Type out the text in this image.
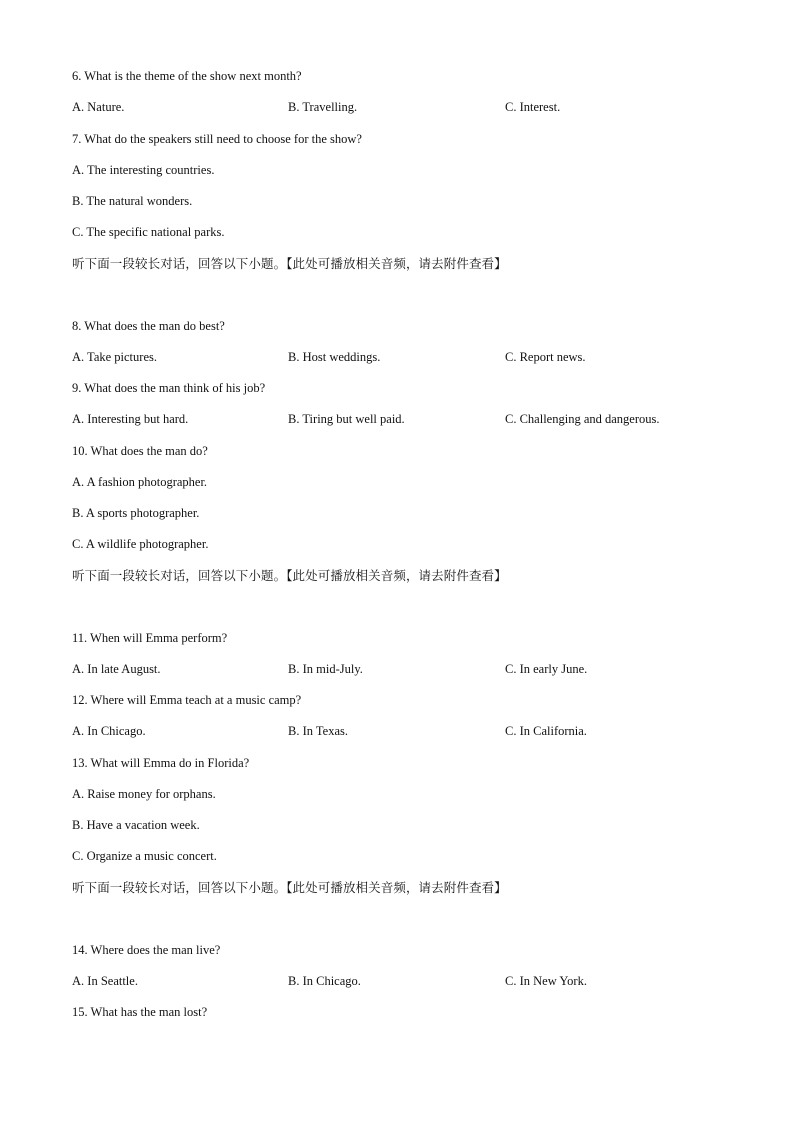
6. What is the theme of the show next month?
A. Nature.	B. Travelling.	C. Interest.
7. What do the speakers still need to choose for the show?
A. The interesting countries.
B. The natural wonders.
C. The specific national parks.
听下面一段较长对话，回答以下小题。【此处可播放相关音频，请去附件查看】
8. What does the man do best?
A. Take pictures.	B. Host weddings.	C. Report news.
9. What does the man think of his job?
A. Interesting but hard.	B. Tiring but well paid.	C. Challenging and dangerous.
10. What does the man do?
A. A fashion photographer.
B. A sports photographer.
C. A wildlife photographer.
听下面一段较长对话，回答以下小题。【此处可播放相关音频，请去附件查看】
11. When will Emma perform?
A. In late August.	B. In mid-July.	C. In early June.
12. Where will Emma teach at a music camp?
A. In Chicago.	B. In Texas.	C. In California.
13. What will Emma do in Florida?
A. Raise money for orphans.
B. Have a vacation week.
C. Organize a music concert.
听下面一段较长对话，回答以下小题。【此处可播放相关音频，请去附件查看】
14. Where does the man live?
A. In Seattle.	B. In Chicago.	C. In New York.
15. What has the man lost?
